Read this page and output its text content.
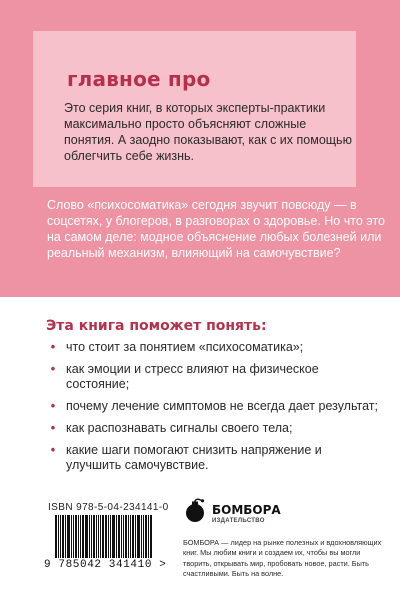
главное про

Это серия книг, в которых эксперты-практики максимально просто объясняют сложные понятия. А заодно показывают, как с их помощью облегчить себе жизнь.

Слово «психосоматика» сегодня звучит повсюду — в соцсетях, у блогеров, в разговорах о здоровье. Но что это на самом деле: модное объяснение любых болезней или реальный механизм, влияющий на самочувствие?

Эта книга поможет понять:
• что стоит за понятием «психосоматика»;
• как эмоции и стресс влияют на физическое состояние;
• почему лечение симптомов не всегда дает результат;
• как распознавать сигналы своего тела;
• какие шаги помогают снизить напряжение и улучшить самочувствие.
ISBN 978-5-04-234141-0
9 785042 341410 >
БОМБОРА
ИЗДАТЕЛЬСТВО

БОМБОРА — лидер на рынке полезных и вдохновляющих книг. Мы любим книги и создаем их, чтобы вы могли творить, открывать мир, пробовать новое, расти. Быть счастливыми. Быть на волне.
